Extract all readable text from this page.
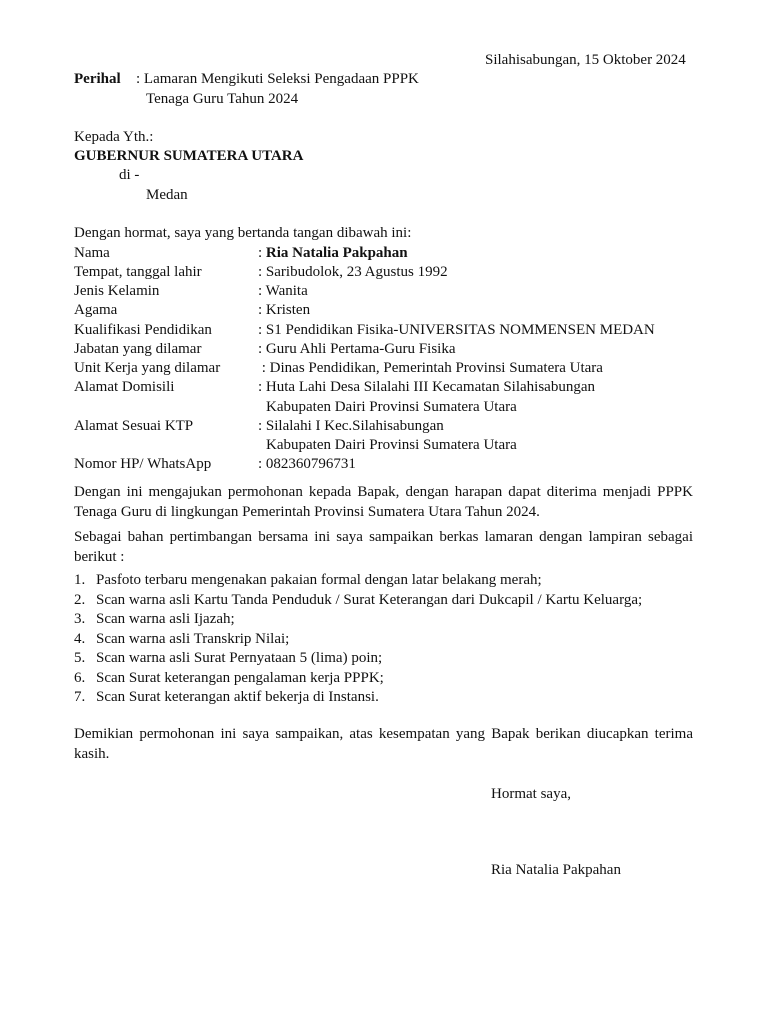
Silahisabungan, 15 Oktober 2024
Perihal : Lamaran Mengikuti Seleksi Pengadaan PPPK
Tenaga Guru Tahun 2024
Kepada Yth.:
GUBERNUR SUMATERA UTARA
di -
Medan
Dengan hormat, saya yang bertanda tangan dibawah ini:
Nama	: Ria Natalia Pakpahan
Tempat, tanggal lahir	: Saribudolok, 23 Agustus 1992
Jenis Kelamin	: Wanita
Agama	: Kristen
Kualifikasi Pendidikan	: S1 Pendidikan Fisika-UNIVERSITAS NOMMENSEN MEDAN
Jabatan yang dilamar	: Guru Ahli Pertama-Guru Fisika
Unit Kerja yang dilamar	: Dinas Pendidikan, Pemerintah Provinsi Sumatera Utara
Alamat Domisili	: Huta Lahi Desa Silalahi III Kecamatan Silahisabungan
Kabupaten Dairi Provinsi Sumatera Utara
Alamat Sesuai KTP	: Silalahi I Kec.Silahisabungan
Kabupaten Dairi Provinsi Sumatera Utara
Nomor HP/ WhatsApp	: 082360796731
Dengan ini mengajukan permohonan kepada Bapak, dengan harapan dapat diterima menjadi PPPK Tenaga Guru di lingkungan Pemerintah Provinsi Sumatera Utara Tahun 2024.
Sebagai bahan pertimbangan bersama ini saya sampaikan berkas lamaran dengan lampiran sebagai berikut :
1. Pasfoto terbaru mengenakan pakaian formal dengan latar belakang merah;
2. Scan warna asli Kartu Tanda Penduduk / Surat Keterangan dari Dukcapil / Kartu Keluarga;
3. Scan warna asli Ijazah;
4. Scan warna asli Transkrip Nilai;
5. Scan warna asli Surat Pernyataan 5 (lima) poin;
6. Scan Surat keterangan pengalaman kerja PPPK;
7. Scan Surat keterangan aktif bekerja di Instansi.
Demikian permohonan ini saya sampaikan, atas kesempatan yang Bapak berikan diucapkan terima kasih.
Hormat saya,
Ria Natalia Pakpahan
